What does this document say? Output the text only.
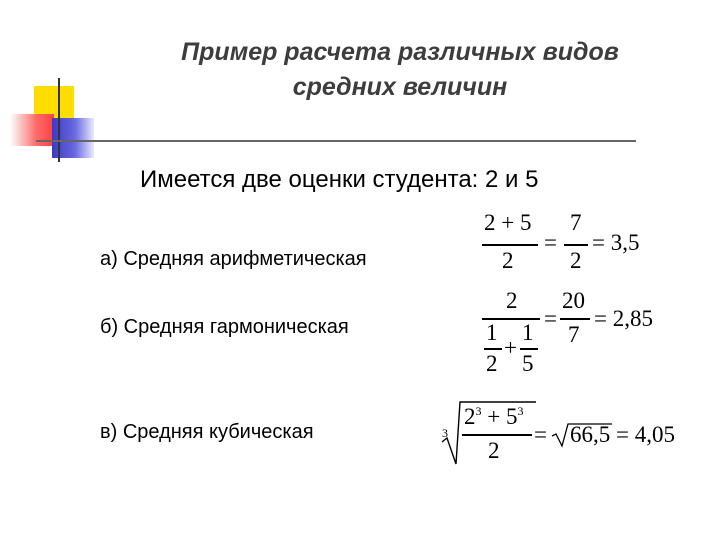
Пример расчета различных видов
средних величин
Имеется две оценки студента: 2 и 5
а) Средняя арифметическая
б) Средняя гармоническая
в) Средняя кубическая
2 + 5
2
=
7
2
= 3,5
2
1
2
+
1
5
=
20
7
= 2,85
3
$2^3 + 5^3$
2
= 66,5 = 4,05
